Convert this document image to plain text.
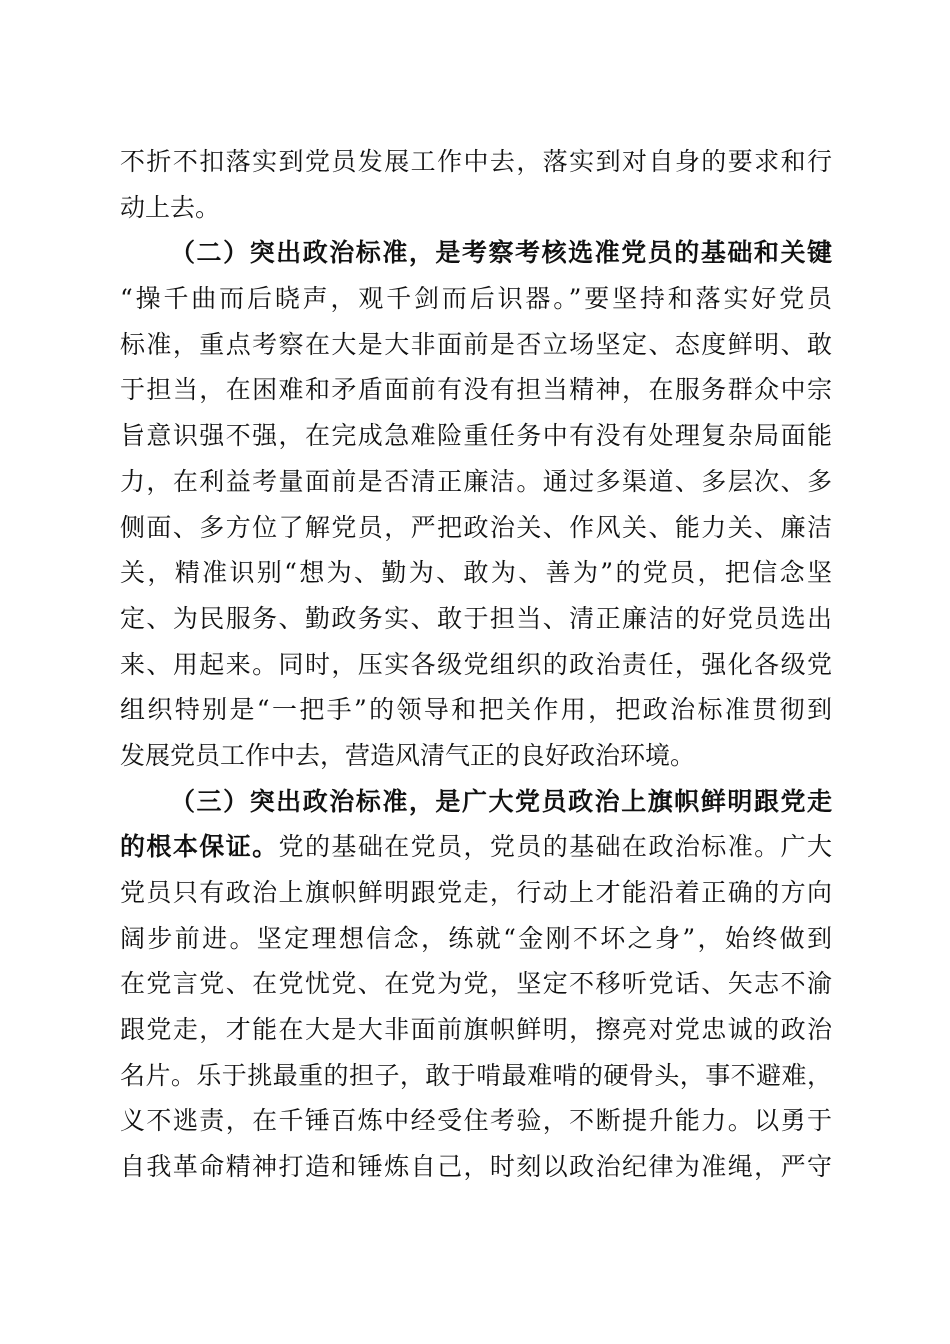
不折不扣落实到党员发展工作中去，落实到对自身的要求和行
动上去。
（二）突出政治标准，是考察考核选准党员的基础和关键
“操千曲而后晓声，观千剑而后识器。”要坚持和落实好党员
标准，重点考察在大是大非面前是否立场坚定、态度鲜明、敢
于担当，在困难和矛盾面前有没有担当精神，在服务群众中宗
旨意识强不强，在完成急难险重任务中有没有处理复杂局面能
力，在利益考量面前是否清正廉洁。通过多渠道、多层次、多
侧面、多方位了解党员，严把政治关、作风关、能力关、廉洁
关，精准识别“想为、勤为、敢为、善为”的党员，把信念坚
定、为民服务、勤政务实、敢于担当、清正廉洁的好党员选出
来、用起来。同时，压实各级党组织的政治责任，强化各级党
组织特别是“一把手”的领导和把关作用，把政治标准贯彻到
发展党员工作中去，营造风清气正的良好政治环境。
（三）突出政治标准，是广大党员政治上旗帜鲜明跟党走
的根本保证。党的基础在党员，党员的基础在政治标准。广大
党员只有政治上旗帜鲜明跟党走，行动上才能沿着正确的方向
阔步前进。坚定理想信念，练就“金刚不坏之身”，始终做到
在党言党、在党忧党、在党为党，坚定不移听党话、矢志不渝
跟党走，才能在大是大非面前旗帜鲜明，擦亮对党忠诚的政治
名片。乐于挑最重的担子，敢于啃最难啃的硬骨头，事不避难，
义不逃责，在千锤百炼中经受住考验，不断提升能力。以勇于
自我革命精神打造和锤炼自己，时刻以政治纪律为准绳，严守
